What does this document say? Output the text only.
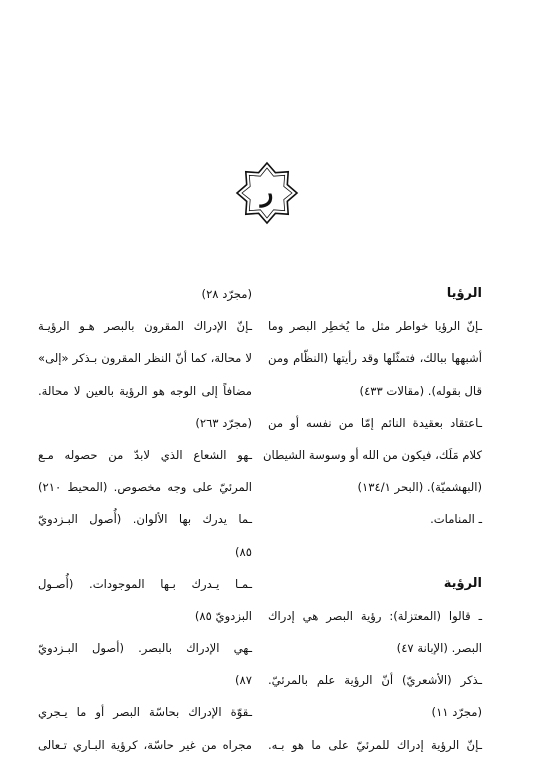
ر
الرؤيا
ـإنّ الرؤيا خواطر مثل ما يُخطِر البصر وما
أشبهها ببالك، فتمثّلها وقد رأيتها (النظّام ومن
قال بقوله). (مقالات ٤٣٣)
ـاعتقاد بعقيدة النائم إمّا من نفسه أو من
كلام مَلَك، فيكون من الله أو وسوسة الشيطان
(البهشميّة). (البحر ١٣٤/١)
ـ المنامات.
الرؤية
ـ قالوا (المعتزلة): رؤية البصر هي إدراك
البصر. (الإبانة ٤٧)
ـذكر (الأشعريّ) أنّ الرؤية علم بالمرئيّ.
(مجرّد ١١)
ـإنّ الرؤية إدراك للمرئيّ على ما هو بـه.
(مجرّد ٢٨)
ـإنّ الإدراك المقرون بالبصر هـو الرؤيـة
لا محالة، كما أنّ النظر المقرون بـذكر «إلى»
مضافاً إلى الوجه هو الرؤية بالعين لا محالة.
(مجرّد ٢٦٣)
ـهو الشعاع الذي لابدّ من حصوله مـع
المرئيّ على وجه مخصوص. (المحيط ٢١٠)
ـما يدرك بها الألوان. (أُصول البـزدويّ
٨٥)
ـمـا يـدرك بـها الموجودات. (أُصـول
البزدويّ ٨٥)
ـهي الإدراك بالبصر. (أصول البـزدويّ
٨٧)
ـقوّة الإدراك بحاسّة البصر أو ما يـجري
مجراه من غير حاسّة، كرؤية البـاري تـعالى
